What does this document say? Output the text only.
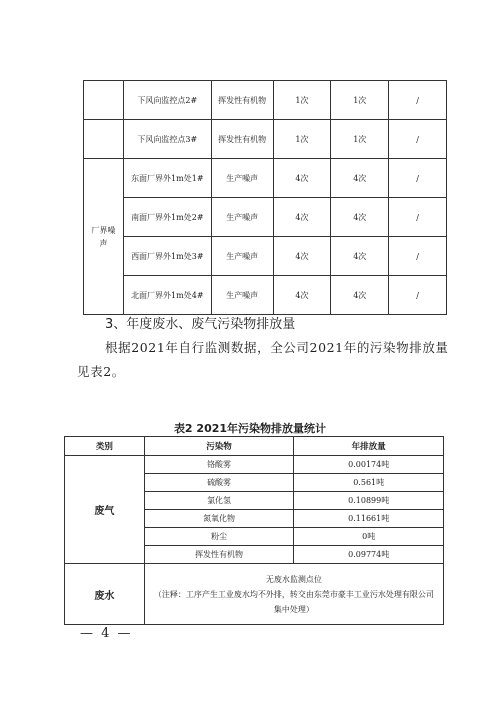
	下风向监控点2#	挥发性有机物	1次	1次	/
	下风向监控点3#	挥发性有机物	1次	1次	/
厂界噪声	东面厂界外1m处1#	生产噪声	4次	4次	/
	南面厂界外1m处2#	生产噪声	4次	4次	/
	西面厂界外1m处3#	生产噪声	4次	4次	/
	北面厂界外1m处4#	生产噪声	4次	4次	/
3、年度废水、废气污染物排放量
根据2021年自行监测数据，全公司2021年的污染物排放量见表2。
表2 2021年污染物排放量统计
类别	污染物	年排放量
废气	铬酸雾	0.00174吨
	硫酸雾	0.561吨
	氯化氢	0.10899吨
	氮氧化物	0.11661吨
	粉尘	0吨
	挥发性有机物	0.09774吨
废水	无废水监测点位
（注释：工序产生工业废水均不外排，转交由东莞市豪丰工业污水处理有限公司集中处理）	
— 4 —
